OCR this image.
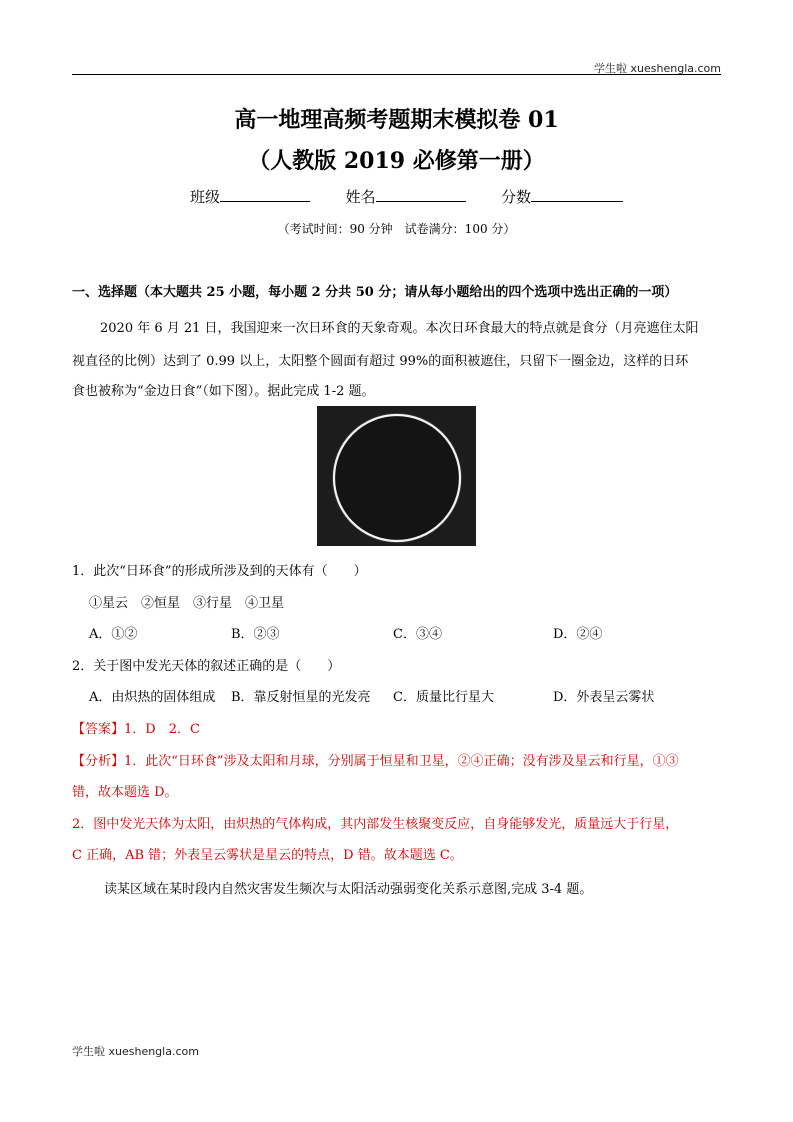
学生啦 xueshengla.com
高一地理高频考题期末模拟卷 01
（人教版 2019 必修第一册）
班级	姓名	分数
（考试时间：90 分钟　试卷满分：100 分）
一、选择题（本大题共 25 小题，每小题 2 分共 50 分；请从每小题给出的四个选项中选出正确的一项）
2020 年 6 月 21 日，我国迎来一次日环食的天象奇观。本次日环食最大的特点就是食分（月亮遮住太阳
视直径的比例）达到了 0.99 以上，太阳整个圆面有超过 99%的面积被遮住，只留下一圈金边，这样的日环
食也被称为“金边日食”（如下图）。据此完成 1-2 题。
1．此次“日环食”的形成所涉及到的天体有（　　）
①星云　②恒星　③行星　④卫星
A．①②	B．②③	C．③④	D．②④
2．关于图中发光天体的叙述正确的是（　　）
A．由炽热的固体组成 B．靠反射恒星的光发亮 C．质量比行星大	D．外表呈云雾状
【答案】1．D　2．C
【分析】1．此次“日环食”涉及太阳和月球，分别属于恒星和卫星，②④正确；没有涉及星云和行星，①③
错，故本题选 D。
2．图中发光天体为太阳，由炽热的气体构成，其内部发生核聚变反应，自身能够发光，质量远大于行星，
C 正确，AB 错；外表呈云雾状是星云的特点，D 错。故本题选 C。
读某区域在某时段内自然灾害发生频次与太阳活动强弱变化关系示意图,完成 3-4 题。
学生啦 xueshengla.com
